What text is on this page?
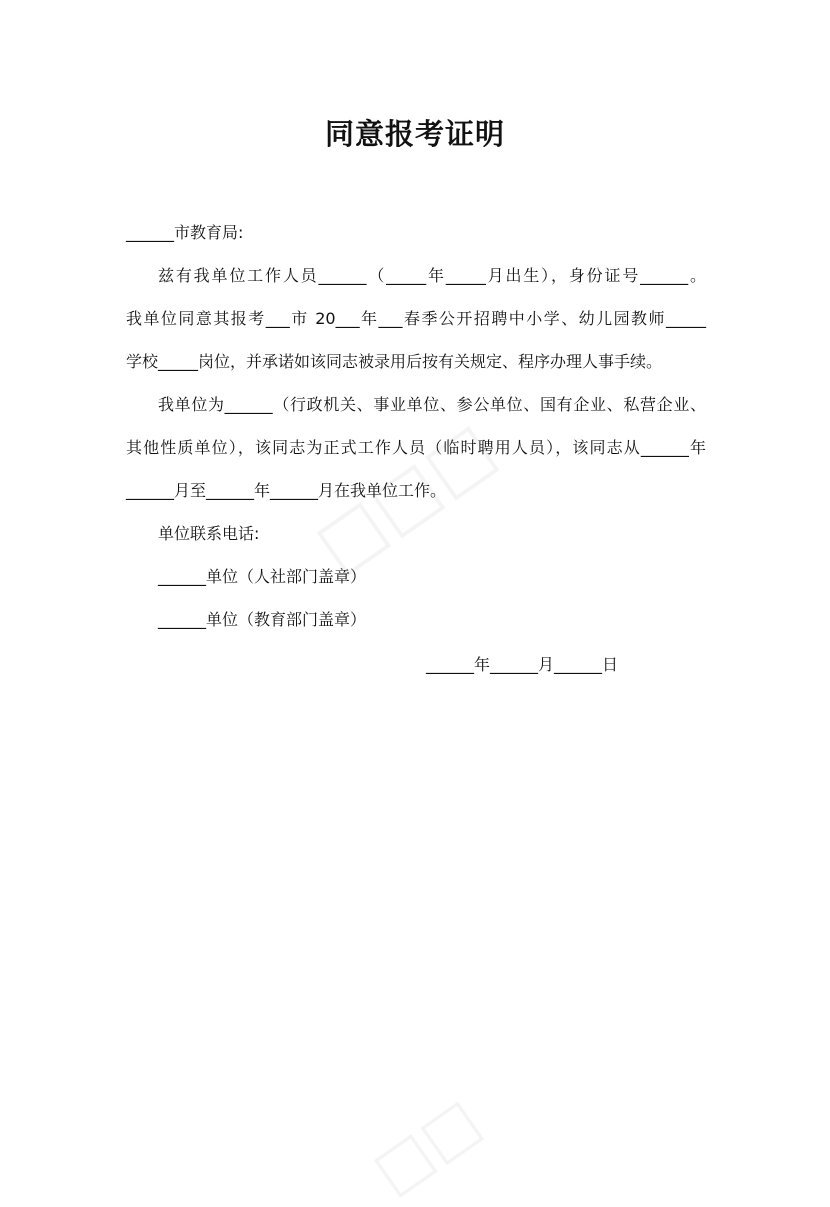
同意报考证明
______市教育局:
兹有我单位工作人员______（_____年_____月出生），身份证号______。
我单位同意其报考___市 20___年___春季公开招聘中小学、幼儿园教师_____
学校_____岗位，并承诺如该同志被录用后按有关规定、程序办理人事手续。
我单位为______（行政机关、事业单位、参公单位、国有企业、私营企业、
其他性质单位），该同志为正式工作人员（临时聘用人员），该同志从______年
______月至______年______月在我单位工作。
单位联系电话:
______单位（人社部门盖章）
______单位（教育部门盖章）
______年______月______日
